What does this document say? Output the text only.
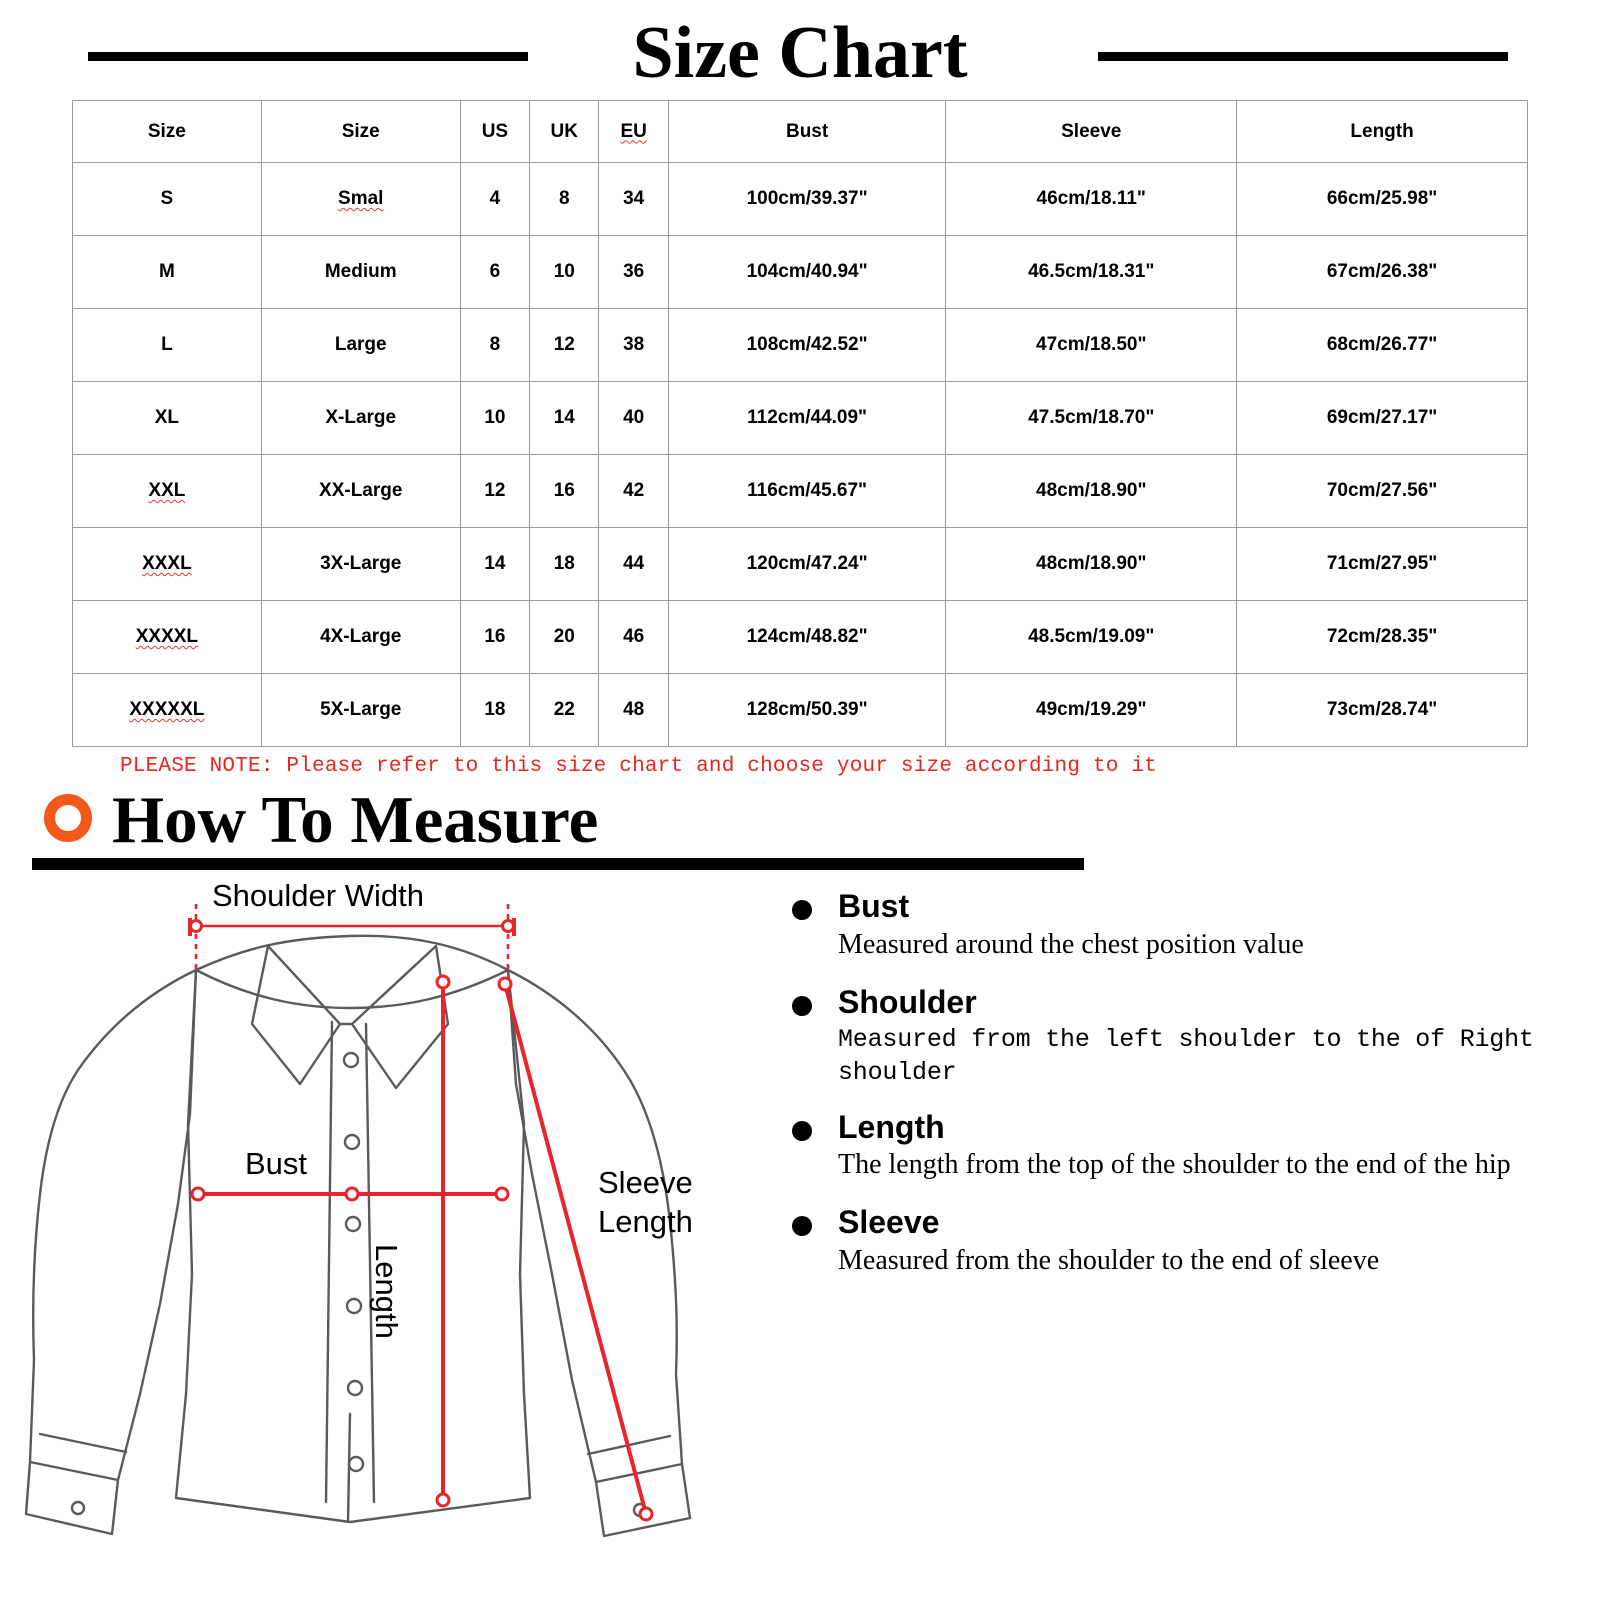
Size Chart
Size	Size	US	UK	EU	Bust	Sleeve	Length
S	Smal	4	8	34	100cm/39.37"	46cm/18.11"	66cm/25.98"
M	Medium	6	10	36	104cm/40.94"	46.5cm/18.31"	67cm/26.38"
L	Large	8	12	38	108cm/42.52"	47cm/18.50"	68cm/26.77"
XL	X-Large	10	14	40	112cm/44.09"	47.5cm/18.70"	69cm/27.17"
XXL	XX-Large	12	16	42	116cm/45.67"	48cm/18.90"	70cm/27.56"
XXXL	3X-Large	14	18	44	120cm/47.24"	48cm/18.90"	71cm/27.95"
XXXXL	4X-Large	16	20	46	124cm/48.82"	48.5cm/19.09"	72cm/28.35"
XXXXXL	5X-Large	18	22	48	128cm/50.39"	49cm/19.29"	73cm/28.74"
PLEASE NOTE: Please refer to this size chart and choose your size according to it
How To Measure
Shoulder Width
Bust
Length
Sleeve
Length
Bust
Measured around the chest position value
Shoulder
Measured from the left shoulder to the of Right shoulder
Length
The length from the top of the shoulder to the end of the hip
Sleeve
Measured from the shoulder to the end of sleeve
